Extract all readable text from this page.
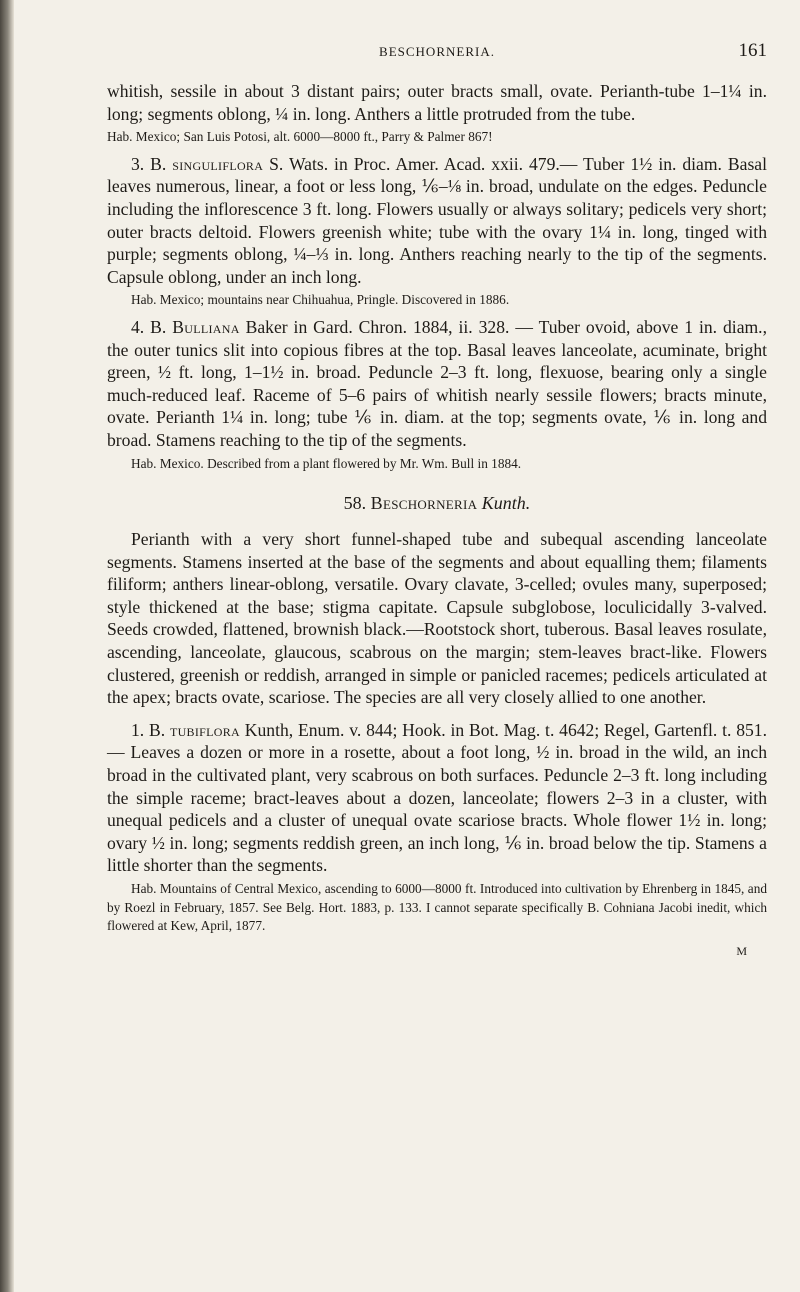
BESCHORNERIA.	161

whitish, sessile in about 3 distant pairs; outer bracts small, ovate. Perianth-tube 1–1¼ in. long; segments oblong, ¼ in. long. Anthers a little protruded from the tube.

Hab. Mexico; San Luis Potosi, alt. 6000—8000 ft., Parry & Palmer 867!

3. B. singuliflora S. Wats. in Proc. Amer. Acad. xxii. 479.— Tuber 1½ in. diam. Basal leaves numerous, linear, a foot or less long, ⅙–⅛ in. broad, undulate on the edges. Peduncle including the inflorescence 3 ft. long. Flowers usually or always solitary; pedicels very short; outer bracts deltoid. Flowers greenish white; tube with the ovary 1¼ in. long, tinged with purple; segments oblong, ¼–⅓ in. long. Anthers reaching nearly to the tip of the segments. Capsule oblong, under an inch long.

Hab. Mexico; mountains near Chihuahua, Pringle. Discovered in 1886.

4. B. Bulliana Baker in Gard. Chron. 1884, ii. 328. — Tuber ovoid, above 1 in. diam., the outer tunics slit into copious fibres at the top. Basal leaves lanceolate, acuminate, bright green, ½ ft. long, 1–1½ in. broad. Peduncle 2–3 ft. long, flexuose, bearing only a single much-reduced leaf. Raceme of 5–6 pairs of whitish nearly sessile flowers; bracts minute, ovate. Perianth 1¼ in. long; tube ⅙ in. diam. at the top; segments ovate, ⅙ in. long and broad. Stamens reaching to the tip of the segments.

Hab. Mexico. Described from a plant flowered by Mr. Wm. Bull in 1884.

58. Beschorneria Kunth.

Perianth with a very short funnel-shaped tube and subequal ascending lanceolate segments. Stamens inserted at the base of the segments and about equalling them; filaments filiform; anthers linear-oblong, versatile. Ovary clavate, 3-celled; ovules many, superposed; style thickened at the base; stigma capitate. Capsule subglobose, loculicidally 3-valved. Seeds crowded, flattened, brownish black.—Rootstock short, tuberous. Basal leaves rosulate, ascending, lanceolate, glaucous, scabrous on the margin; stem-leaves bract-like. Flowers clustered, greenish or reddish, arranged in simple or panicled racemes; pedicels articulated at the apex; bracts ovate, scariose. The species are all very closely allied to one another.

1. B. tubiflora Kunth, Enum. v. 844; Hook. in Bot. Mag. t. 4642; Regel, Gartenfl. t. 851. — Leaves a dozen or more in a rosette, about a foot long, ½ in. broad in the wild, an inch broad in the cultivated plant, very scabrous on both surfaces. Peduncle 2–3 ft. long including the simple raceme; bract-leaves about a dozen, lanceolate; flowers 2–3 in a cluster, with unequal pedicels and a cluster of unequal ovate scariose bracts. Whole flower 1½ in. long; ovary ½ in. long; segments reddish green, an inch long, ⅙ in. broad below the tip. Stamens a little shorter than the segments.

Hab. Mountains of Central Mexico, ascending to 6000—8000 ft. Introduced into cultivation by Ehrenberg in 1845, and by Roezl in February, 1857. See Belg. Hort. 1883, p. 133. I cannot separate specifically B. Cohniana Jacobi inedit, which flowered at Kew, April, 1877.

M
